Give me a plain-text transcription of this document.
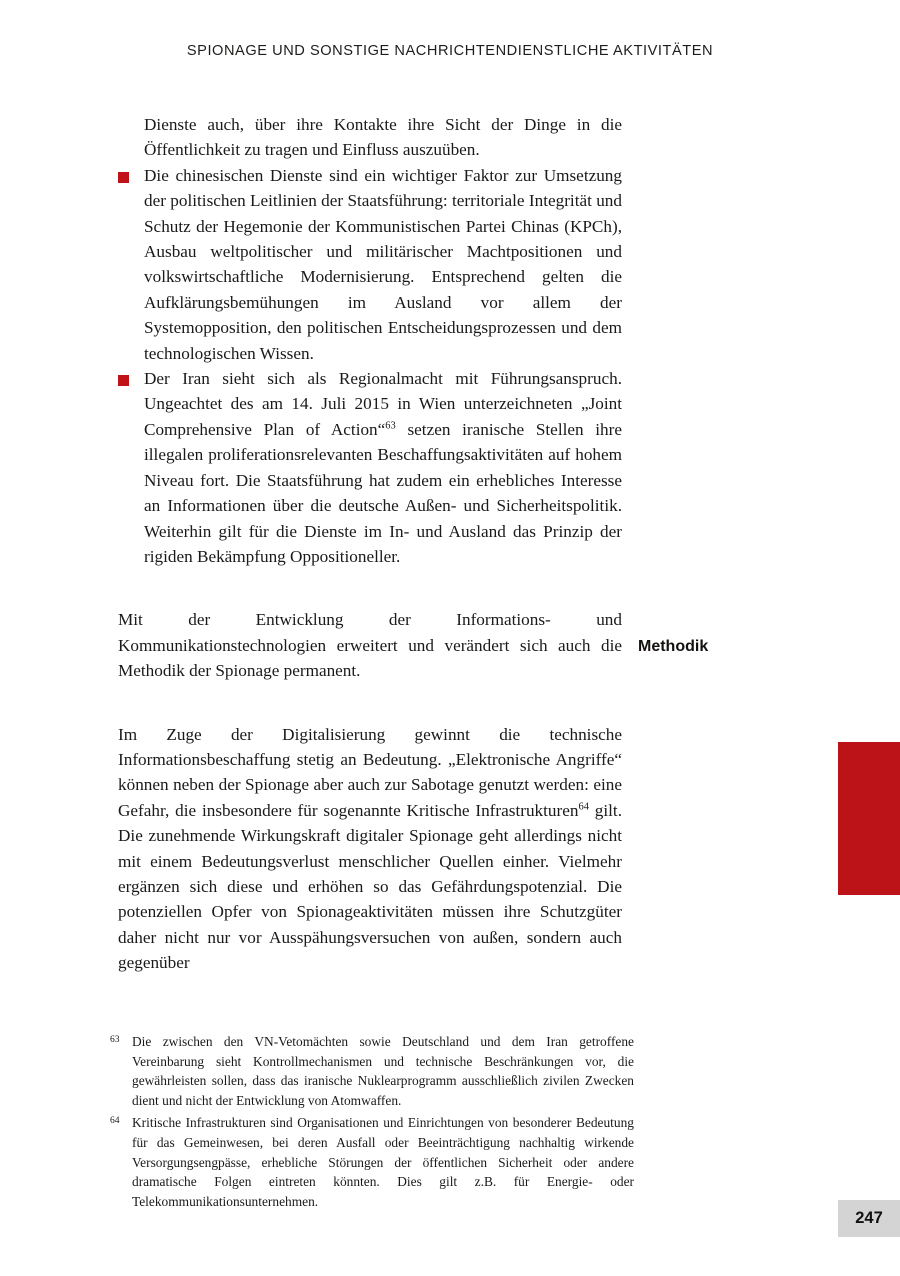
SPIONAGE UND SONSTIGE NACHRICHTENDIENSTLICHE AKTIVITÄTEN

Dienste auch, über ihre Kontakte ihre Sicht der Dinge in die Öffentlichkeit zu tragen und Einfluss auszuüben.

Die chinesischen Dienste sind ein wichtiger Faktor zur Umsetzung der politischen Leitlinien der Staatsführung: territoriale Integrität und Schutz der Hegemonie der Kommunistischen Partei Chinas (KPCh), Ausbau weltpolitischer und militärischer Machtpositionen und volkswirtschaftliche Modernisierung. Entsprechend gelten die Aufklärungsbemühungen im Ausland vor allem der Systemopposition, den politischen Entscheidungsprozessen und dem technologischen Wissen.
Der Iran sieht sich als Regionalmacht mit Führungsanspruch. Ungeachtet des am 14. Juli 2015 in Wien unterzeichneten „Joint Comprehensive Plan of Action“$^{63}$ setzen iranische Stellen ihre illegalen proliferationsrelevanten Beschaffungsaktivitäten auf hohem Niveau fort. Die Staatsführung hat zudem ein erhebliches Interesse an Informationen über die deutsche Außen- und Sicherheitspolitik. Weiterhin gilt für die Dienste im In- und Ausland das Prinzip der rigiden Bekämpfung Oppositioneller.

Mit der Entwicklung der Informations- und Kommunikationstechnologien erweitert und verändert sich auch die Methodik der Spionage permanent.

Im Zuge der Digitalisierung gewinnt die technische Informationsbeschaffung stetig an Bedeutung. „Elektronische Angriffe“ können neben der Spionage aber auch zur Sabotage genutzt werden: eine Gefahr, die insbesondere für sogenannte Kritische Infrastrukturen$^{64}$ gilt. Die zunehmende Wirkungskraft digitaler Spionage geht allerdings nicht mit einem Bedeutungsverlust menschlicher Quellen einher. Vielmehr ergänzen sich diese und erhöhen so das Gefährdungspotenzial. Die potenziellen Opfer von Spionageaktivitäten müssen ihre Schutzgüter daher nicht nur vor Ausspähungsversuchen von außen, sondern auch gegenüber

Methodik

63 Die zwischen den VN-Vetomächten sowie Deutschland und dem Iran getroffene Vereinbarung sieht Kontrollmechanismen und technische Beschränkungen vor, die gewährleisten sollen, dass das iranische Nuklearprogramm ausschließlich zivilen Zwecken dient und nicht der Entwicklung von Atomwaffen.

64 Kritische Infrastrukturen sind Organisationen und Einrichtungen von besonderer Bedeutung für das Gemeinwesen, bei deren Ausfall oder Beeinträchtigung nachhaltig wirkende Versorgungsengpässe, erhebliche Störungen der öffentlichen Sicherheit oder andere dramatische Folgen eintreten könnten. Dies gilt z.B. für Energie- oder Telekommunikationsunternehmen.

247
